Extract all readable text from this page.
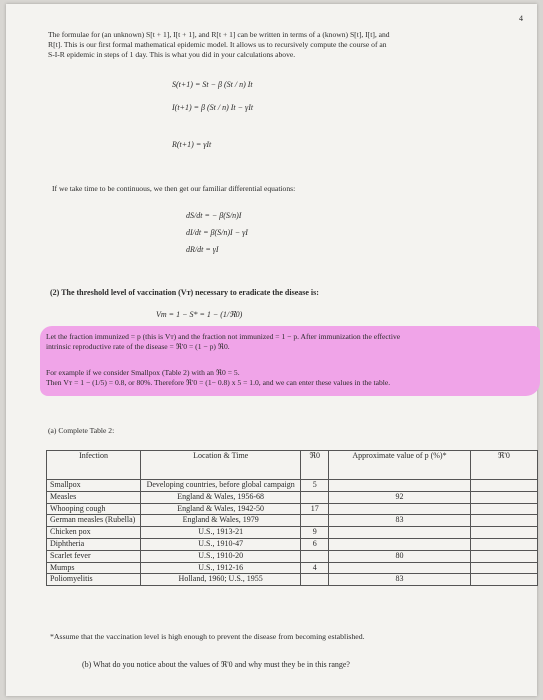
4
The formulae for (an unknown) S[t + 1], I[t + 1], and R[t + 1] can be written in terms of a (known) S[t], I[t], and
R[t]. This is our first formal mathematical epidemic model. It allows us to recursively compute the course of an
S-I-R epidemic in steps of 1 day. This is what you did in your calculations above.
S(t+1) = St − β (St / n) It
I(t+1) = β (St / n) It − γIt
R(t+1) = γIt
If we take time to be continuous, we then get our familiar differential equations:
dS/dt = − β(S/n)I
dI/dt = β(S/n)I − γI
dR/dt = γI
(2) The threshold level of vaccination (Vт) necessary to eradicate the disease is:
Vт = 1 − S* = 1 − (1/ℜ0)
Let the fraction immunized = p (this is Vт) and the fraction not immunized = 1 − p. After immunization the effective
intrinsic reproductive rate of the disease = ℜ'0 = (1 − p) ℜ0.
For example if we consider Smallpox (Table 2) with an ℜ0 = 5.
Then Vт = 1 − (1/5) = 0.8, or 80%. Therefore ℜ'0 = (1− 0.8) x 5 = 1.0, and we can enter these values in the table.
(a) Complete Table 2:
Infection	Location & Time	ℜ0	Approximate value of p (%)*	ℜ'0
Smallpox	Developing countries, before global campaign	5		
Measles	England & Wales, 1956-68		92	
Whooping cough	England & Wales, 1942-50	17		
German measles (Rubella)	England & Wales, 1979		83	
Chicken pox	U.S., 1913-21	9		
Diphtheria	U.S., 1910-47	6		
Scarlet fever	U.S., 1910-20		80	
Mumps	U.S., 1912-16	4		
Poliomyelitis	Holland, 1960; U.S., 1955		83	
*Assume that the vaccination level is high enough to prevent the disease from becoming established.
(b) What do you notice about the values of ℜ'0 and why must they be in this range?
